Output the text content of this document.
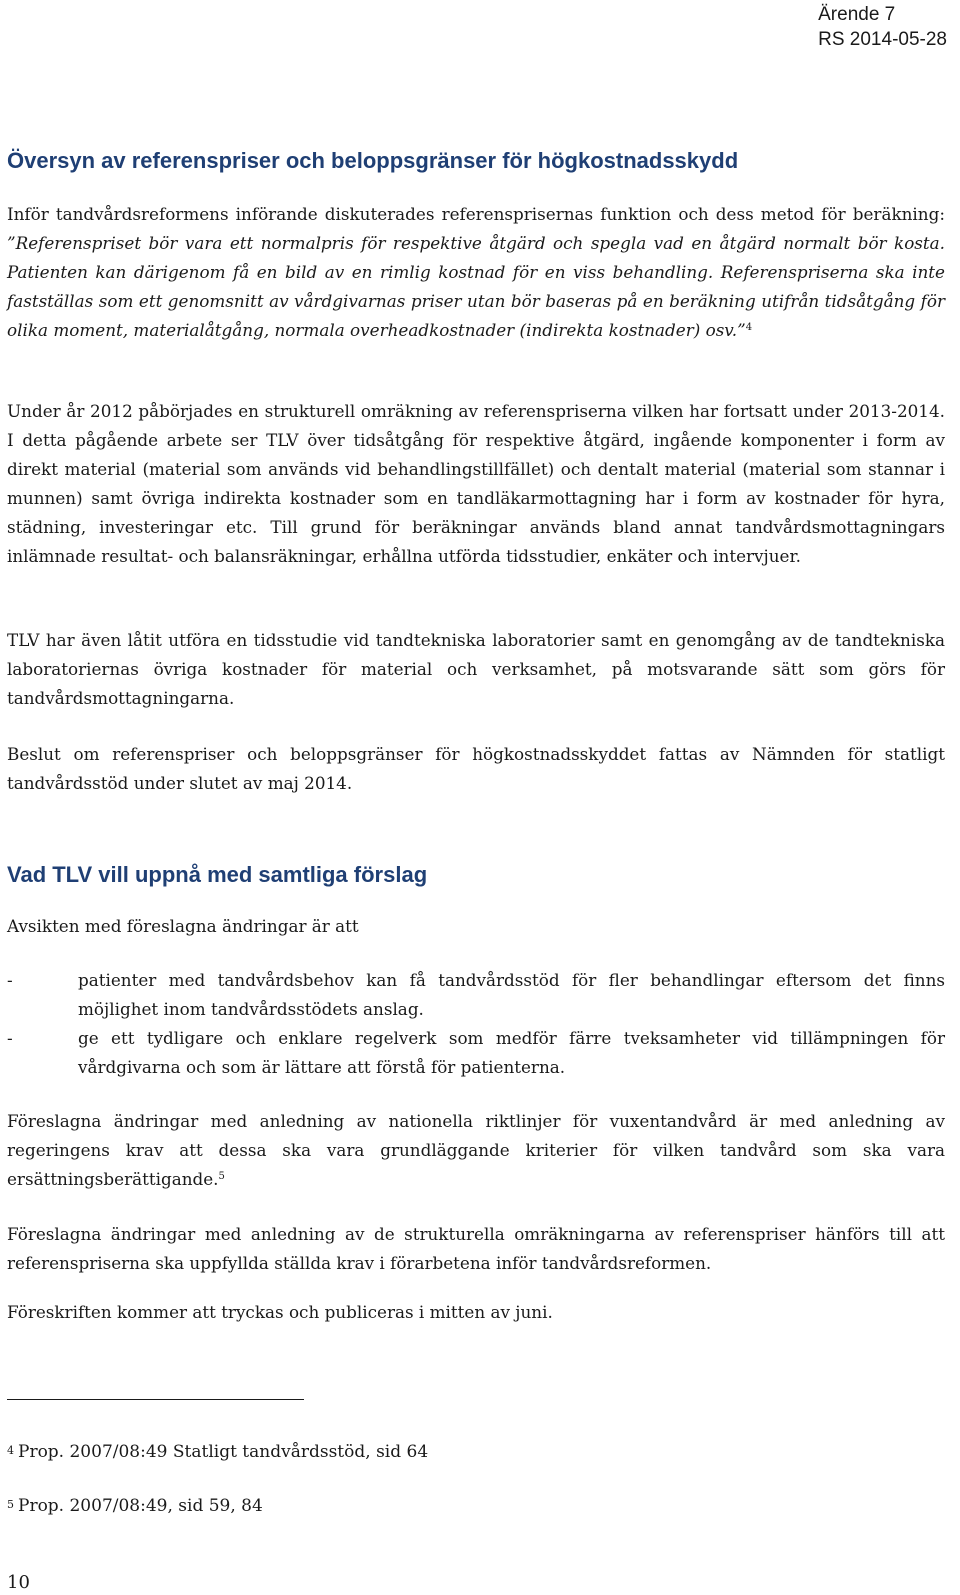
Ärende 7
RS 2014-05-28
Översyn av referenspriser och beloppsgränser för högkostnadsskydd

Inför tandvårdsreformens införande diskuterades referensprisernas funktion och dess metod för beräkning: ”Referenspriset bör vara ett normalpris för respektive åtgärd och spegla vad en åtgärd normalt bör kosta. Patienten kan därigenom få en bild av en rimlig kostnad för en viss behandling. Referenspriserna ska inte fastställas som ett genomsnitt av vårdgivarnas priser utan bör baseras på en beräkning utifrån tidsåtgång för olika moment, materialåtgång, normala overheadkostnader (indirekta kostnader) osv.”$^4$

Under år 2012 påbörjades en strukturell omräkning av referenspriserna vilken har fortsatt under 2013-2014. I detta pågående arbete ser TLV över tidsåtgång för respektive åtgärd, ingående komponenter i form av direkt material (material som används vid behandlingstillfället) och dentalt material (material som stannar i munnen) samt övriga indirekta kostnader som en tandläkarmottagning har i form av kostnader för hyra, städning, investeringar etc. Till grund för beräkningar används bland annat tandvårdsmottagningars inlämnade resultat- och balansräkningar, erhållna utförda tidsstudier, enkäter och intervjuer.

TLV har även låtit utföra en tidsstudie vid tandtekniska laboratorier samt en genomgång av de tandtekniska laboratoriernas övriga kostnader för material och verksamhet, på motsvarande sätt som görs för tandvårdsmottagningarna.

Beslut om referenspriser och beloppsgränser för högkostnadsskyddet fattas av Nämnden för statligt tandvårdsstöd under slutet av maj 2014.

Vad TLV vill uppnå med samtliga förslag

Avsikten med föreslagna ändringar är att

-	patienter med tandvårdsbehov kan få tandvårdsstöd för fler behandlingar eftersom det finns möjlighet inom tandvårdsstödets anslag.
-	ge ett tydligare och enklare regelverk som medför färre tveksamheter vid tillämpningen för vårdgivarna och som är lättare att förstå för patienterna.

Föreslagna ändringar med anledning av nationella riktlinjer för vuxentandvård är med anledning av regeringens krav att dessa ska vara grundläggande kriterier för vilken tandvård som ska vara ersättningsberättigande.$^5$

Föreslagna ändringar med anledning av de strukturella omräkningarna av referenspriser hänförs till att referenspriserna ska uppfyllda ställda krav i förarbetena inför tandvårdsreformen.

Föreskriften kommer att tryckas och publiceras i mitten av juni.

$^4$ Prop. 2007/08:49 Statligt tandvårdsstöd, sid 64

$^5$ Prop. 2007/08:49, sid 59, 84

10
